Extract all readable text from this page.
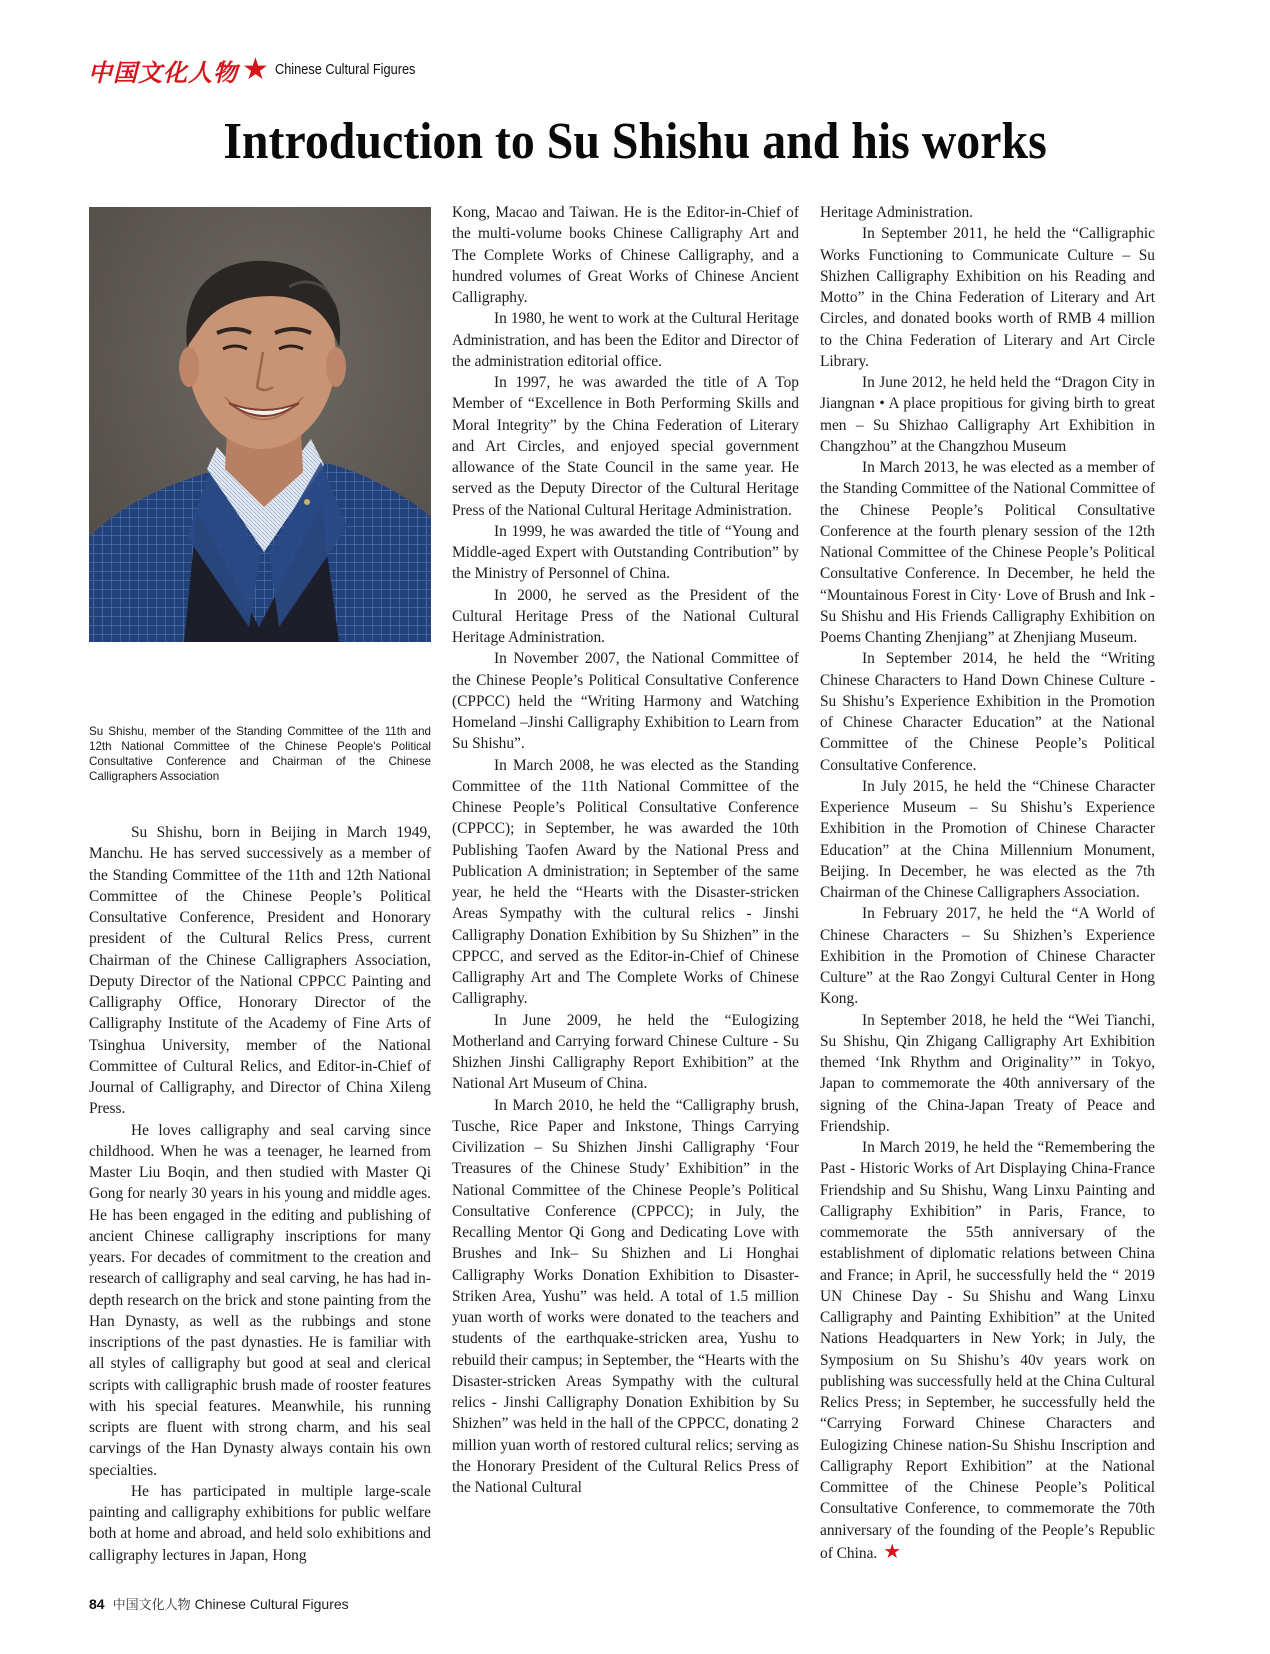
中国文化人物 ★ Chinese Cultural Figures
Introduction to Su Shishu and his works
Su Shishu, member of the Standing Committee of the 11th and 12th National Committee of the Chinese People's Political Consultative Conference and Chairman of the Chinese Calligraphers Association

Su Shishu, born in Beijing in March 1949, Manchu. He has served successively as a member of the Standing Committee of the 11th and 12th National Committee of the Chinese People’s Political Consultative Conference, President and Honorary president of the Cultural Relics Press, current Chairman of the Chinese Calligraphers Association, Deputy Director of the National CPPCC Painting and Calligraphy Office, Honorary Director of the Calligraphy Institute of the Academy of Fine Arts of Tsinghua University, member of the National Committee of Cultural Relics, and Editor-in-Chief of Journal of Calligraphy, and Director of China Xileng Press.

He loves calligraphy and seal carving since childhood. When he was a teenager, he learned from Master Liu Boqin, and then studied with Master Qi Gong for nearly 30 years in his young and middle ages. He has been engaged in the editing and publishing of ancient Chinese calligraphy inscriptions for many years. For decades of commitment to the creation and research of calligraphy and seal carving, he has had in-depth research on the brick and stone painting from the Han Dynasty, as well as the rubbings and stone inscriptions of the past dynasties. He is familiar with all styles of calligraphy but good at seal and clerical scripts with calligraphic brush made of rooster features with his special features. Meanwhile, his running scripts are fluent with strong charm, and his seal carvings of the Han Dynasty always contain his own specialties.

He has participated in multiple large-scale painting and calligraphy exhibitions for public welfare both at home and abroad, and held solo exhibitions and calligraphy lectures in Japan, Hong

Kong, Macao and Taiwan. He is the Editor-in-Chief of the multi-volume books Chinese Calligraphy Art and The Complete Works of Chinese Calligraphy, and a hundred volumes of Great Works of Chinese Ancient Calligraphy.

In 1980, he went to work at the Cultural Heritage Administration, and has been the Editor and Director of the administration editorial office.

In 1997, he was awarded the title of A Top Member of “Excellence in Both Performing Skills and Moral Integrity” by the China Federation of Literary and Art Circles, and enjoyed special government allowance of the State Council in the same year. He served as the Deputy Director of the Cultural Heritage Press of the National Cultural Heritage Administration.

In 1999, he was awarded the title of “Young and Middle-aged Expert with Outstanding Contribution” by the Ministry of Personnel of China.

In 2000, he served as the President of the Cultural Heritage Press of the National Cultural Heritage Administration.

In November 2007, the National Committee of the Chinese People’s Political Consultative Conference (CPPCC) held the “Writing Harmony and Watching Homeland –Jinshi Calligraphy Exhibition to Learn from Su Shishu”.

In March 2008, he was elected as the Standing Committee of the 11th National Committee of the Chinese People’s Political Consultative Conference (CPPCC); in September, he was awarded the 10th Publishing Taofen Award by the National Press and Publication A dministration; in September of the same year, he held the “Hearts with the Disaster-stricken Areas Sympathy with the cultural relics - Jinshi Calligraphy Donation Exhibition by Su Shizhen” in the CPPCC, and served as the Editor-in-Chief of Chinese Calligraphy Art and The Complete Works of Chinese Calligraphy.

In June 2009, he held the “Eulogizing Motherland and Carrying forward Chinese Culture - Su Shizhen Jinshi Calligraphy Report Exhibition” at the National Art Museum of China.

In March 2010, he held the “Calligraphy brush, Tusche, Rice Paper and Inkstone, Things Carrying Civilization – Su Shizhen Jinshi Calligraphy ‘Four Treasures of the Chinese Study’ Exhibition” in the National Committee of the Chinese People’s Political Consultative Conference (CPPCC); in July, the Recalling Mentor Qi Gong and Dedicating Love with Brushes and Ink– Su Shizhen and Li Honghai Calligraphy Works Donation Exhibition to Disaster-Striken Area, Yushu” was held. A total of 1.5 million yuan worth of works were donated to the teachers and students of the earthquake-stricken area, Yushu to rebuild their campus; in September, the “Hearts with the Disaster-stricken Areas Sympathy with the cultural relics - Jinshi Calligraphy Donation Exhibition by Su Shizhen” was held in the hall of the CPPCC, donating 2 million yuan worth of restored cultural relics; serving as the Honorary President of the Cultural Relics Press of the National Cultural

Heritage Administration.

In September 2011, he held the “Calligraphic Works Functioning to Communicate Culture – Su Shizhen Calligraphy Exhibition on his Reading and Motto” in the China Federation of Literary and Art Circles, and donated books worth of RMB 4 million to the China Federation of Literary and Art Circle Library.

In June 2012, he held held the “Dragon City in Jiangnan • A place propitious for giving birth to great men – Su Shizhao Calligraphy Art Exhibition in Changzhou” at the Changzhou Museum

In March 2013, he was elected as a member of the Standing Committee of the National Committee of the Chinese People’s Political Consultative Conference at the fourth plenary session of the 12th National Committee of the Chinese People’s Political Consultative Conference. In December, he held the “Mountainous Forest in City· Love of Brush and Ink - Su Shishu and His Friends Calligraphy Exhibition on Poems Chanting Zhenjiang” at Zhenjiang Museum.

In September 2014, he held the “Writing Chinese Characters to Hand Down Chinese Culture - Su Shishu’s Experience Exhibition in the Promotion of Chinese Character Education” at the National Committee of the Chinese People’s Political Consultative Conference.

In July 2015, he held the “Chinese Character Experience Museum – Su Shishu’s Experience Exhibition in the Promotion of Chinese Character Education” at the China Millennium Monument, Beijing. In December, he was elected as the 7th Chairman of the Chinese Calligraphers Association.

In February 2017, he held the “A World of Chinese Characters – Su Shizhen’s Experience Exhibition in the Promotion of Chinese Character Culture” at the Rao Zongyi Cultural Center in Hong Kong.

In September 2018, he held the “Wei Tianchi, Su Shishu, Qin Zhigang Calligraphy Art Exhibition themed ‘Ink Rhythm and Originality’” in Tokyo, Japan to commemorate the 40th anniversary of the signing of the China-Japan Treaty of Peace and Friendship.

In March 2019, he held the “Remembering the Past - Historic Works of Art Displaying China-France Friendship and Su Shishu, Wang Linxu Painting and Calligraphy Exhibition” in Paris, France, to commemorate the 55th anniversary of the establishment of diplomatic relations between China and France; in April, he successfully held the “ 2019 UN Chinese Day - Su Shishu and Wang Linxu Calligraphy and Painting Exhibition” at the United Nations Headquarters in New York; in July, the Symposium on Su Shishu’s 40v years work on publishing was successfully held at the China Cultural Relics Press; in September, he successfully held the “Carrying Forward Chinese Characters and Eulogizing Chinese nation-Su Shishu Inscription and Calligraphy Report Exhibition” at the National Committee of the Chinese People’s Political Consultative Conference, to commemorate the 70th anniversary of the founding of the People’s Republic of China. ★

84 中国文化人物 Chinese Cultural Figures
